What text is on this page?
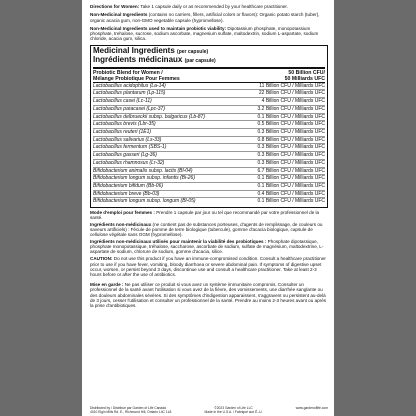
Directions for Women: Take 1 capsule daily or as recommended by your healthcare practitioner.

Non-Medicinal Ingredients (contains no carriers, fillers, artificial colors or flavors): Organic potato starch (tuber), organic acacia gum, non-GMO vegetable capsule (hypromellose).

Non-Medicinal Ingredients used to maintain probiotic viability: Dipotassium phosphate, monopotassium phosphate, trehalose, sucrose, sodium ascorbate, magnesium sulfate, maltodextrin, sodium L-aspartate, sodium chloride, acacia gum, silica.

Medicinal Ingredients (per capsule)
Ingrédients médicinaux (par capsule)
Probiotic Blend for Women /	50 Billion CFU/
Mélange Probiotique Pour Femmes	50 Milliards UFC
Lactobacillus acidophilus (La-14)	11 Billion CFU / Milliards UFC
Lactobacillus plantarum (Lp-115)	22 Billion CFU / Milliards UFC
Lactobacillus casei (Lc-11)	4 Billion CFU / Milliards UFC
Lactobacillus paracasei (Lpc-37)	3.2 Billion CFU / Milliards UFC
Lactobacillus delbrueckii subsp. bulgaricus (Lb-87)	0.1 Billion CFU / Milliards UFC
Lactobacillus brevis (Lbr-35)	0.5 Billion CFU / Milliards UFC
Lactobacillus reuteri (1E1)	0.3 Billion CFU / Milliards UFC
Lactobacillus salivarius (Ls-33)	0.8 Billion CFU / Milliards UFC
Lactobacillus fermentum (SBS-1)	0.3 Billion CFU / Milliards UFC
Lactobacillus gasseri (Lg-36)	0.3 Billion CFU / Milliards UFC
Lactobacillus rhamnosus (Lr-32)	0.3 Billion CFU / Milliards UFC
Bifidobacterium animalis subsp. lactis (Bl-04)	6.7 Billion CFU / Milliards UFC
Bifidobacterium longum subsp. infantis (Bi-26)	0.1 Billion CFU / Milliards UFC
Bifidobacterium bifidum (Bb-06)	0.1 Billion CFU / Milliards UFC
Bifidobacterium breve (Bb-03)	0.4 Billion CFU / Milliards UFC
Bifidobacterium longum subsp. longum (Bl-05)	0.1 Billion CFU / Milliards UFC

Mode d'emploi pour femmes : Prendre 1 capsule par jour ou tel que recommandé par votre professionnel de la santé.

Ingrédients non-médicinaux (ne contient pas de substances porteuses, d'agents de remplissage, de couleurs ou saveurs artificiels) : Fécule de pomme de terre biologique (tubercule), gomme d'acacia biologique, capsule de cellulose végétale sans OGM (hypromellose).

Ingrédients non-médicinaux utilisés pour maintenir la viabilité des probiotiques : Phosphate dipotassique, phosphate monopotassique, tréhalose, saccharose, ascorbate de sodium, sulfate de magnésium, maltodextrine, L-aspartate de sodium, chlorure de sodium, gomme d'acacia, silice.

CAUTION: Do not use this product if you have an immune-compromised condition. Consult a healthcare practitioner prior to use if you have fever, vomiting, bloody diarrhoea or severe abdominal pain. If symptoms of digestive upset occur, worsen, or persist beyond 3 days, discontinue use and consult a healthcare practitioner. Take at least 2-3 hours before or after the use of antibiotics.

Mise en garde : Ne pas utiliser ce produit si vous avez un système immunitaire compromis. Consulter un professionnel de la santé avant l'utilisation si vous avez de la fièvre, des vomissements, une diarrhée sanglante ou des douleurs abdominales sévères. Si des symptômes d'indigestion apparaissent, s'aggravent ou persistent au-delà de 3 jours, cesser l'utilisation et consulter un professionnel de la santé. Prendre au moins 2-3 heures avant ou après la prise d'antibiotiques.

Distributed by / Distribué par Garden of Life Canada
4010 Elgin Mills Rd. E., Richmond Hill, Ontario L4C 1L8
©2023 Garden of Life LLC
Made in the U.S.A. / Fabriqué aux É.-U.
www.gardenoflife.com
